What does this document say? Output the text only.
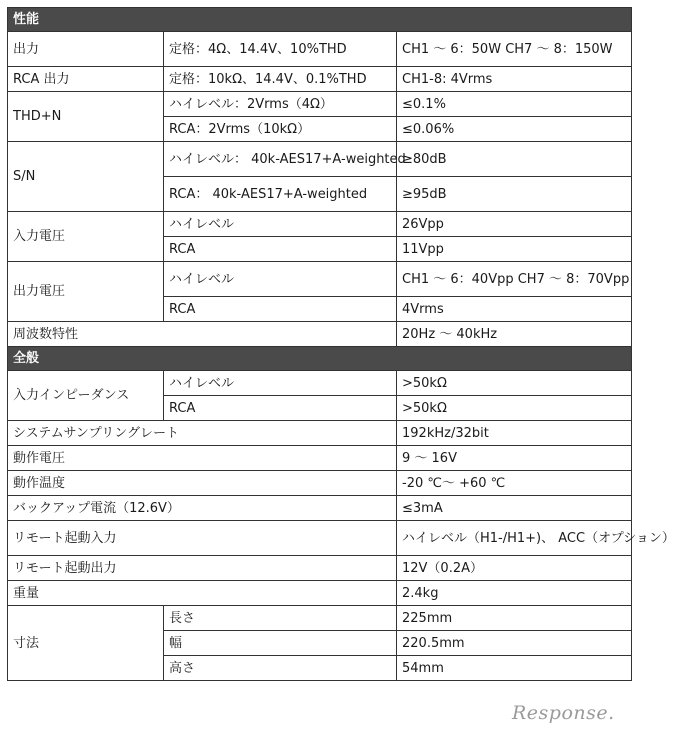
性能		
出力	定格：4Ω、14.4V、10%THD	CH1 〜 6：50W CH7 〜 8：150W
RCA 出力	定格：10kΩ、14.4V、0.1%THD	CH1-8: 4Vrms
THD+N	ハイレベル：2Vrms（4Ω）	≤0.1%
	RCA：2Vrms（10kΩ）	≤0.06%
S/N	ハイレベル： 40k-AES17+A-weighted	≥80dB
	RCA： 40k-AES17+A-weighted	≥95dB
入力電圧	ハイレベル	26Vpp
	RCA	11Vpp
出力電圧	ハイレベル	CH1 〜 6：40Vpp CH7 〜 8：70Vpp
	RCA	4Vrms
周波数特性		20Hz 〜 40kHz
全般		
入力インピーダンス	ハイレベル	>50kΩ
	RCA	>50kΩ
システムサンプリングレート		192kHz/32bit
動作電圧		9 〜 16V
動作温度		-20 ℃〜 +60 ℃
バックアップ電流（12.6V）		≤3mA
リモート起動入力		ハイレベル（H1-/H1+)、 ACC（オプション）
リモート起動出力		12V（0.2A）
重量		2.4kg
寸法	長さ	225mm
	幅	220.5mm
	高さ	54mm
Response.
